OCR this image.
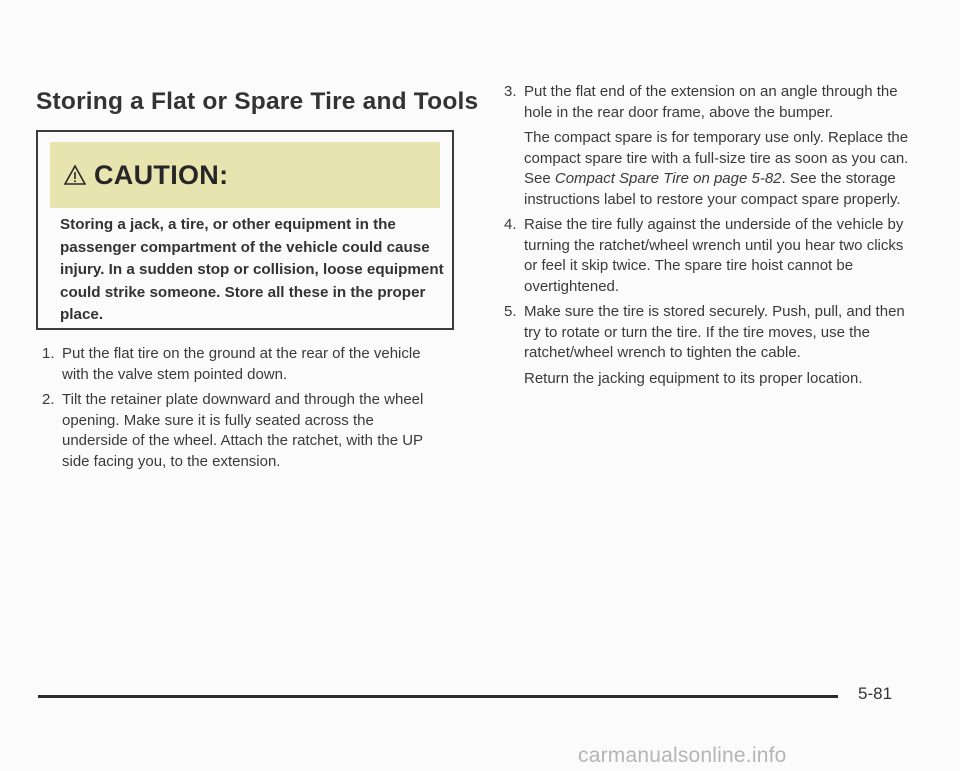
Storing a Flat or Spare Tire and Tools
CAUTION:
Storing a jack, a tire, or other equipment in the passenger compartment of the vehicle could cause injury. In a sudden stop or collision, loose equipment could strike someone. Store all these in the proper place.
1. Put the flat tire on the ground at the rear of the vehicle with the valve stem pointed down.
2. Tilt the retainer plate downward and through the wheel opening. Make sure it is fully seated across the underside of the wheel. Attach the ratchet, with the UP side facing you, to the extension.
3. Put the flat end of the extension on an angle through the hole in the rear door frame, above the bumper.
The compact spare is for temporary use only. Replace the compact spare tire with a full-size tire as soon as you can. See Compact Spare Tire on page 5-82. See the storage instructions label to restore your compact spare properly.
4. Raise the tire fully against the underside of the vehicle by turning the ratchet/wheel wrench until you hear two clicks or feel it skip twice. The spare tire hoist cannot be overtightened.
5. Make sure the tire is stored securely. Push, pull, and then try to rotate or turn the tire. If the tire moves, use the ratchet/wheel wrench to tighten the cable.
Return the jacking equipment to its proper location.
5-81
carmanualsonline.info
